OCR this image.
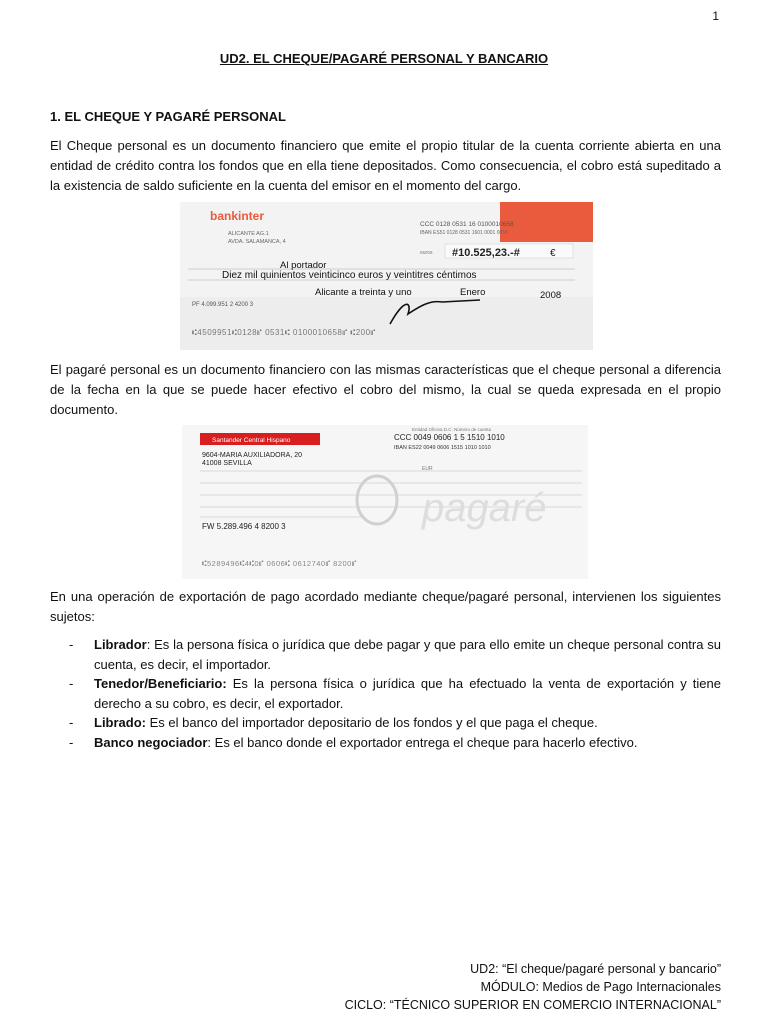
1
UD2. EL CHEQUE/PAGARÉ PERSONAL Y BANCARIO
1. EL CHEQUE Y PAGARÉ PERSONAL
El Cheque personal es un documento financiero que emite el propio titular de la cuenta corriente abierta en una entidad de crédito contra los fondos que en ella tiene depositados. Como consecuencia, el cobro está supeditado a la existencia de saldo suficiente en la cuenta del emisor en el momento del cargo.
bankinter
CCC 0128 0531 16 0100010658
IBAN ES51 0128 0531 1601 0001 0658
ALICANTE AG.1
AVDA. SALAMANCA, 4
euros #10.525,23.-#	€
Al portador
Diez mil quinientos veinticinco euros y veintitres céntimos
Alicante a treinta y uno	Enero	2008
PF 4.099.951 2 4200 3
⑆4509951⑆0128⑈ 0531⑆ 0100010658⑈ ⑆200⑈
El pagaré personal es un documento financiero con las mismas características que el cheque personal a diferencia de la fecha en la que se puede hacer efectivo el cobro del mismo, la cual se queda expresada en el propio documento.
Santander Central Hispano
Entidad Oficina D.C. Número de cuenta
CCC 0049 0606 1 5 1510 1010
IBAN ES22 0049 0606 1515 1010 1010
9604-MARIA AUXILIADORA, 20
41008 SEVILLA
EUR
pagaré
FW 5.289.496 4 8200 3
⑆5289496⑆4⑆0⑈ 0606⑆ 0612740⑈ 8200⑈
En una operación de exportación de pago acordado mediante cheque/pagaré personal, intervienen los siguientes sujetos:
- Librador: Es la persona física o jurídica que debe pagar y que para ello emite un cheque personal contra su cuenta, es decir, el importador.
- Tenedor/Beneficiario: Es la persona física o jurídica que ha efectuado la venta de exportación y tiene derecho a su cobro, es decir, el exportador.
- Librado: Es el banco del importador depositario de los fondos y el que paga el cheque.
- Banco negociador: Es el banco donde el exportador entrega el cheque para hacerlo efectivo.
UD2: “El cheque/pagaré personal y bancario”
MÓDULO: Medios de Pago Internacionales
CICLO: “TÉCNICO SUPERIOR EN COMERCIO INTERNACIONAL”
